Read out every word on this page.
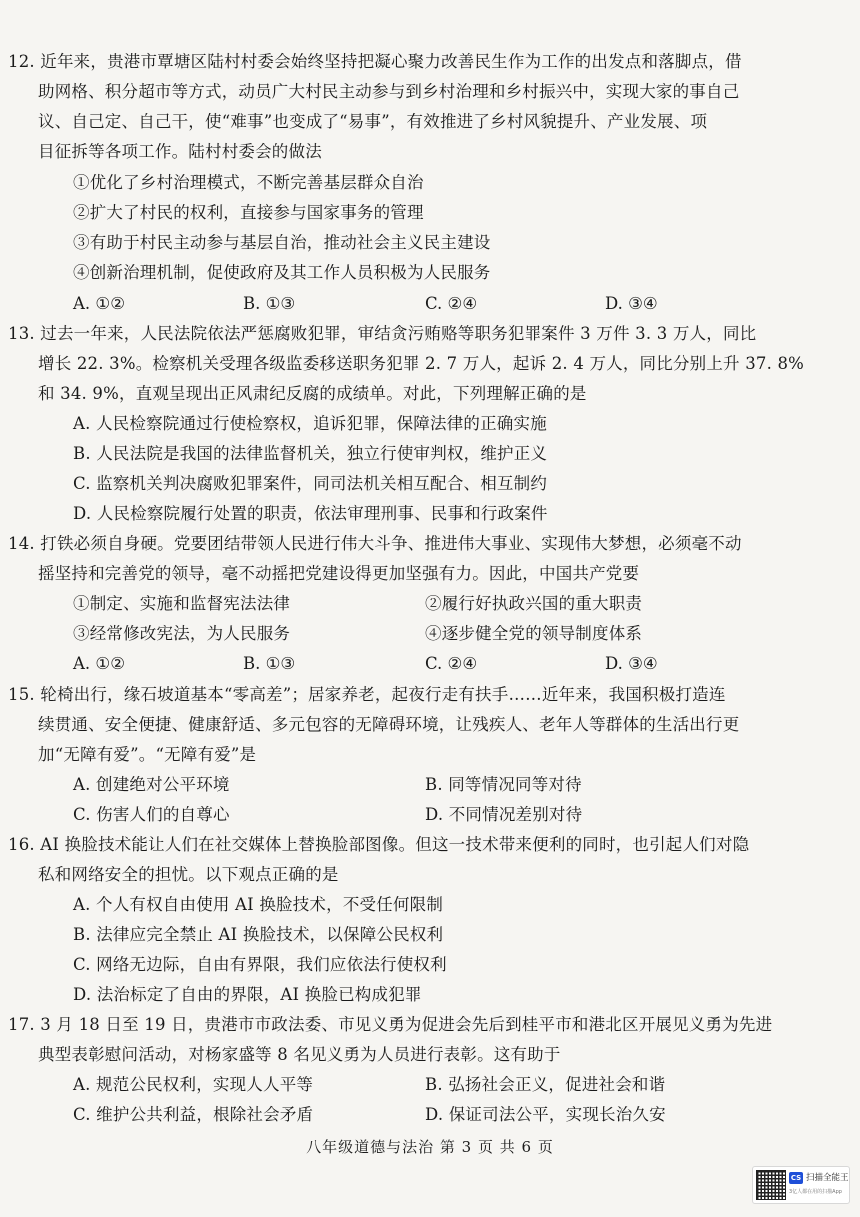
12. 近年来，贵港市覃塘区陆村村委会始终坚持把凝心聚力改善民生作为工作的出发点和落脚点，借
助网格、积分超市等方式，动员广大村民主动参与到乡村治理和乡村振兴中，实现大家的事自己
议、自己定、自己干，使“难事”也变成了“易事”，有效推进了乡村风貌提升、产业发展、项
目征拆等各项工作。陆村村委会的做法
①优化了乡村治理模式，不断完善基层群众自治
②扩大了村民的权利，直接参与国家事务的管理
③有助于村民主动参与基层自治，推动社会主义民主建设
④创新治理机制，促使政府及其工作人员积极为人民服务
A. ①②	B. ①③	C. ②④	D. ③④
13. 过去一年来，人民法院依法严惩腐败犯罪，审结贪污贿赂等职务犯罪案件 3 万件 3. 3 万人，同比
增长 22. 3%。检察机关受理各级监委移送职务犯罪 2. 7 万人，起诉 2. 4 万人，同比分别上升 37. 8%
和 34. 9%，直观呈现出正风肃纪反腐的成绩单。对此，下列理解正确的是
A. 人民检察院通过行使检察权，追诉犯罪，保障法律的正确实施
B. 人民法院是我国的法律监督机关，独立行使审判权，维护正义
C. 监察机关判决腐败犯罪案件，同司法机关相互配合、相互制约
D. 人民检察院履行处置的职责，依法审理刑事、民事和行政案件
14. 打铁必须自身硬。党要团结带领人民进行伟大斗争、推进伟大事业、实现伟大梦想，必须毫不动
摇坚持和完善党的领导，毫不动摇把党建设得更加坚强有力。因此，中国共产党要
①制定、实施和监督宪法法律	②履行好执政兴国的重大职责
③经常修改宪法，为人民服务	④逐步健全党的领导制度体系
A. ①②	B. ①③	C. ②④	D. ③④
15. 轮椅出行，缘石坡道基本“零高差”；居家养老，起夜行走有扶手……近年来，我国积极打造连
续贯通、安全便捷、健康舒适、多元包容的无障碍环境，让残疾人、老年人等群体的生活出行更
加“无障有爱”。“无障有爱”是
A. 创建绝对公平环境	B. 同等情况同等对待
C. 伤害人们的自尊心	D. 不同情况差别对待
16. AI 换脸技术能让人们在社交媒体上替换脸部图像。但这一技术带来便利的同时，也引起人们对隐
私和网络安全的担忧。以下观点正确的是
A. 个人有权自由使用 AI 换脸技术，不受任何限制
B. 法律应完全禁止 AI 换脸技术，以保障公民权利
C. 网络无边际，自由有界限，我们应依法行使权利
D. 法治标定了自由的界限，AI 换脸已构成犯罪
17. 3 月 18 日至 19 日，贵港市市政法委、市见义勇为促进会先后到桂平市和港北区开展见义勇为先进
典型表彰慰问活动，对杨家盛等 8 名见义勇为人员进行表彰。这有助于
A. 规范公民权利，实现人人平等	B. 弘扬社会正义，促进社会和谐
C. 维护公共利益，根除社会矛盾	D. 保证司法公平，实现长治久安
八年级道德与法治 第 3 页 共 6 页
CS 扫描全能王
3亿人都在用的扫描App
